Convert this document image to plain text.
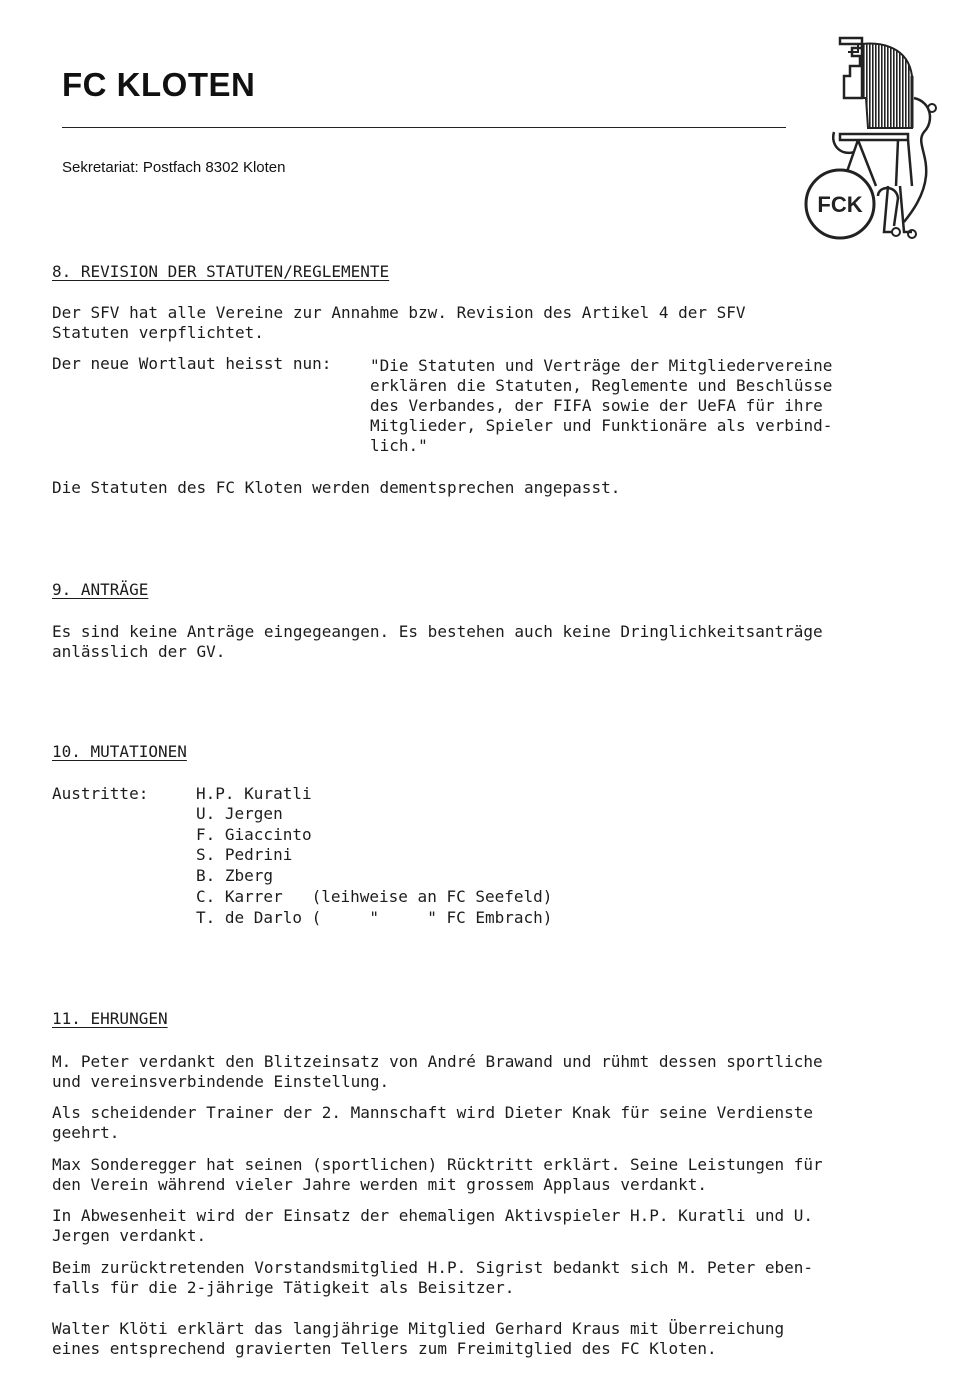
FC KLOTEN
Sekretariat: Postfach 8302 Kloten
FCK
8. REVISION DER STATUTEN/REGLEMENTE
Der SFV hat alle Vereine zur Annahme bzw. Revision des Artikel 4 der SFV
Statuten verpflichtet.
Der neue Wortlaut heisst nun: "Die Statuten und Verträge der Mitgliedervereine
erklären die Statuten, Reglemente und Beschlüsse
des Verbandes, der FIFA sowie der UeFA für ihre
Mitglieder, Spieler und Funktionäre als verbind-
lich."
Die Statuten des FC Kloten werden dementsprechen angepasst.
9. ANTRÄGE
Es sind keine Anträge eingegeangen. Es bestehen auch keine Dringlichkeitsanträge
anlässlich der GV.
10. MUTATIONEN
Austritte:	H.P. Kuratli
U. Jergen
F. Giaccinto
S. Pedrini
B. Zberg
C. Karrer   (leihweise an FC Seefeld)
T. de Darlo (     "     " FC Embrach)
11. EHRUNGEN
M. Peter verdankt den Blitzeinsatz von André Brawand und rühmt dessen sportliche
und vereinsverbindende Einstellung.
Als scheidender Trainer der 2. Mannschaft wird Dieter Knak für seine Verdienste
geehrt.
Max Sonderegger hat seinen (sportlichen) Rücktritt erklärt. Seine Leistungen für
den Verein während vieler Jahre werden mit grossem Applaus verdankt.
In Abwesenheit wird der Einsatz der ehemaligen Aktivspieler H.P. Kuratli und U.
Jergen verdankt.
Beim zurücktretenden Vorstandsmitglied H.P. Sigrist bedankt sich M. Peter eben-
falls für die 2-jährige Tätigkeit als Beisitzer.
Walter Klöti erklärt das langjährige Mitglied Gerhard Kraus mit Überreichung
eines entsprechend gravierten Tellers zum Freimitglied des FC Kloten.
